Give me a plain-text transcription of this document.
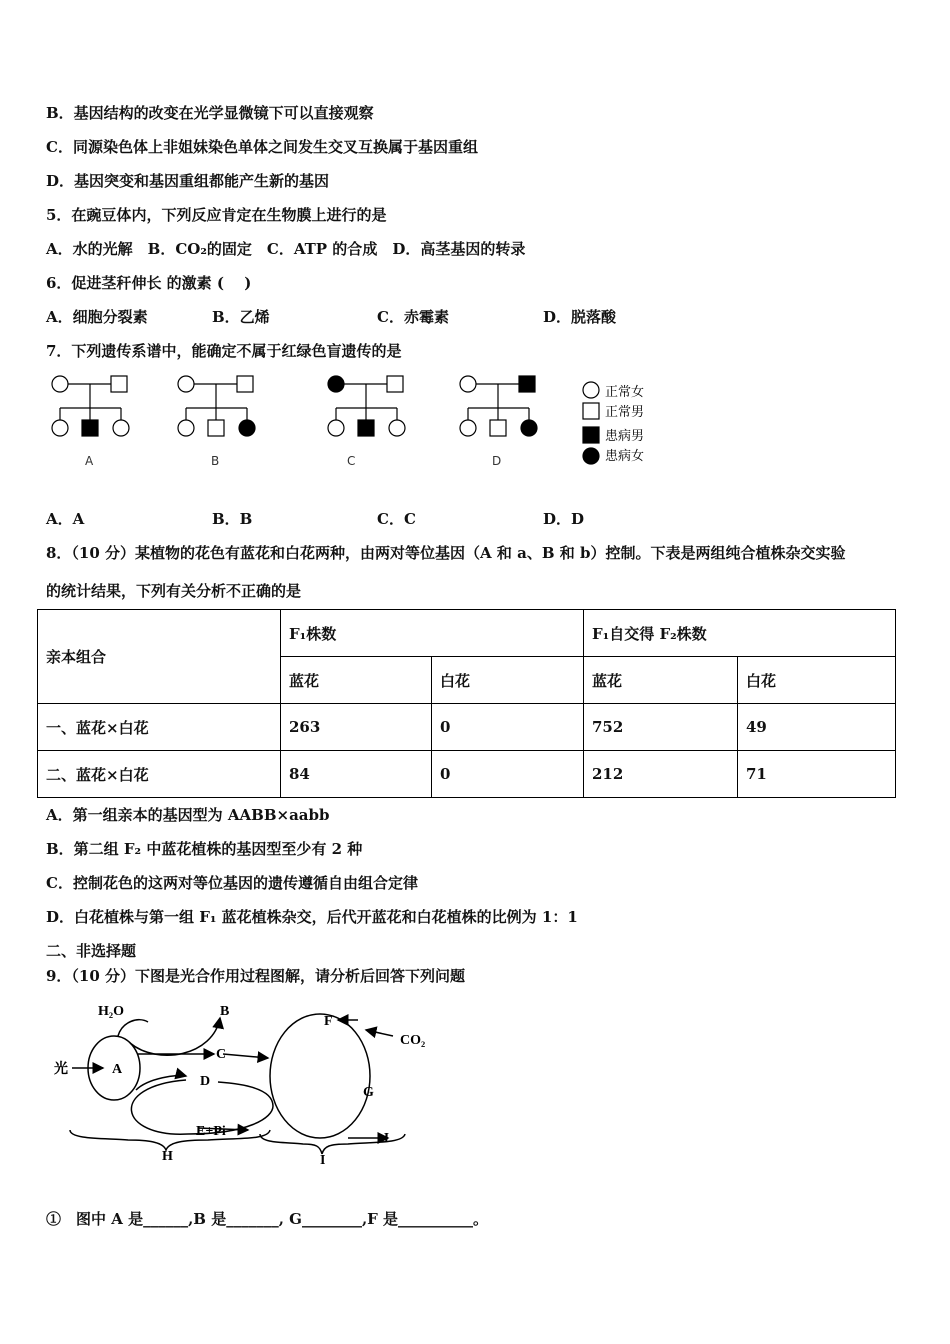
B．基因结构的改变在光学显微镜下可以直接观察
C．同源染色体上非姐妹染色单体之间发生交叉互换属于基因重组
D．基因突变和基因重组都能产生新的基因
5．在豌豆体内，下列反应肯定在生物膜上进行的是
A．水的光解　B．CO₂的固定　C．ATP 的合成　D．高茎基因的转录
6．促进茎秆伸长 的激素 (　 )
A．细胞分裂素	B．乙烯	C．赤霉素	D．脱落酸
7．下列遗传系谱中，能确定不属于红绿色盲遗传的是
A	B	C	D
正常女
正常男
患病男
患病女
A．A	B．B	C．C	D．D
8．（10 分）某植物的花色有蓝花和白花两种，由两对等位基因（A 和 a、B 和 b）控制。下表是两组纯合植株杂交实验
的统计结果，下列有关分析不正确的是
亲本组合	F₁株数		F₁自交得 F₂株数	
	蓝花	白花	蓝花	白花
一、蓝花×白花	263	0	752	49
二、蓝花×白花	84	0	212	71
A．第一组亲本的基因型为 AABB×aabb
B．第二组 F₂ 中蓝花植株的基因型至少有 2 种
C．控制花色的这两对等位基因的遗传遵循自由组合定律
D．白花植株与第一组 F₁ 蓝花植株杂交，后代开蓝花和白花植株的比例为 1：1
二、非选择题
9．（10 分）下图是光合作用过程图解，请分析后回答下列问题
H₂O	B
C
光	A
D
E+Pi
H
F
CO₂
G
J
I
①　图中 A 是______,B 是_______, G________,F 是__________。
